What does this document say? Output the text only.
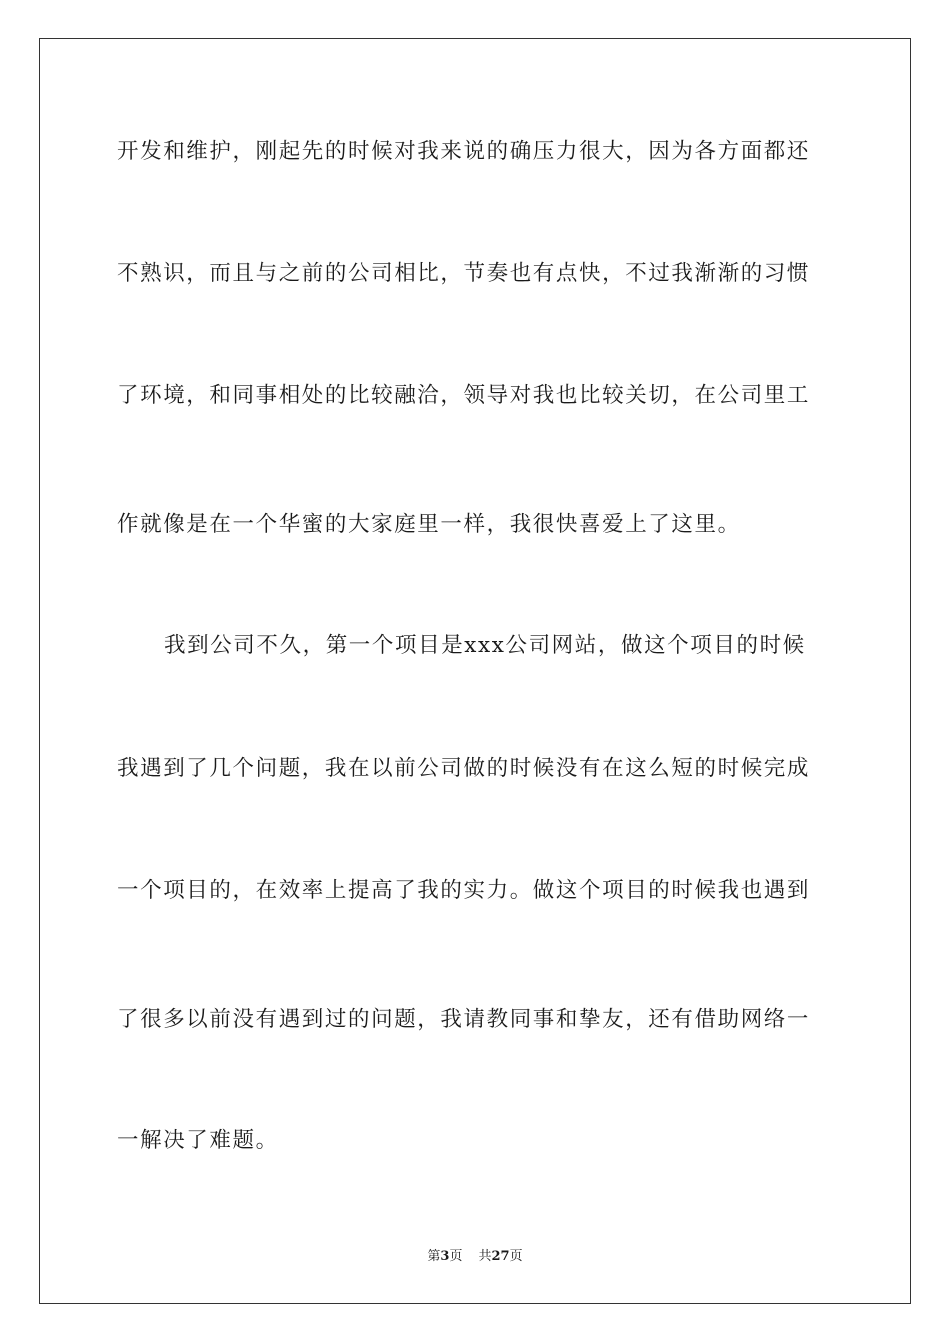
开发和维护，刚起先的时候对我来说的确压力很大，因为各方面都还
不熟识，而且与之前的公司相比，节奏也有点快，不过我渐渐的习惯
了环境，和同事相处的比较融洽，领导对我也比较关切，在公司里工
作就像是在一个华蜜的大家庭里一样，我很快喜爱上了这里。
我到公司不久，第一个项目是xxx公司网站，做这个项目的时候
我遇到了几个问题，我在以前公司做的时候没有在这么短的时候完成
一个项目的，在效率上提高了我的实力。做这个项目的时候我也遇到
了很多以前没有遇到过的问题，我请教同事和挚友，还有借助网络一
一解决了难题。
第3页 共27页
